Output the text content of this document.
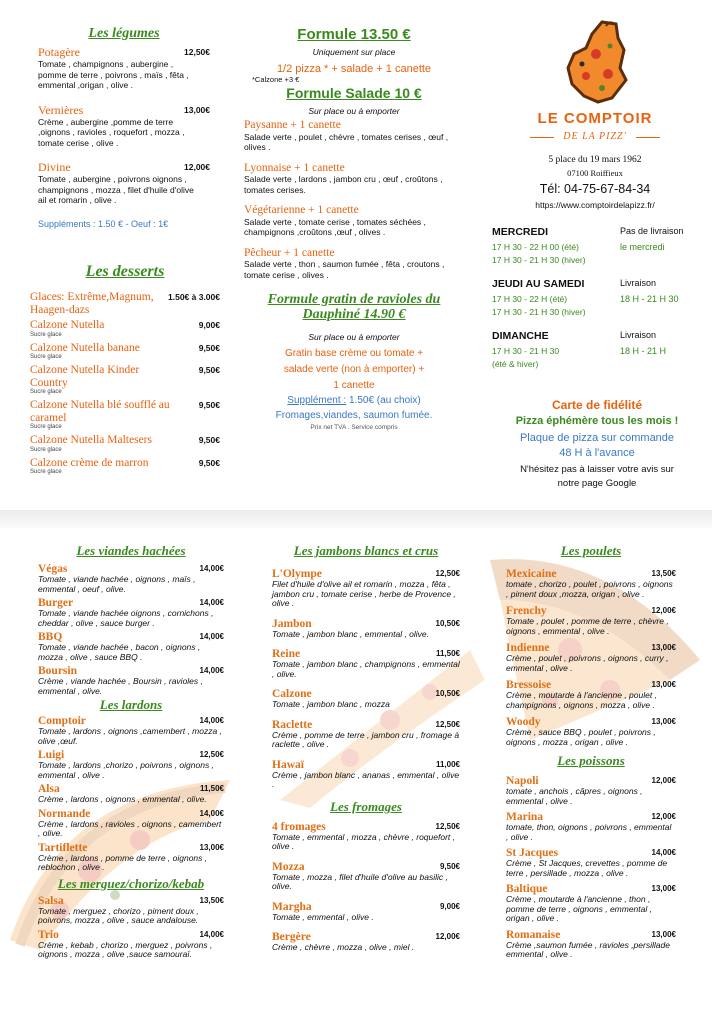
Les légumes
Potagère	12,50€
Tomate , champignons , aubergine , pomme de terre , poivrons , maïs , fêta , emmental ,origan , olive .
Vernières	13,00€
Crème , aubergine ,pomme de terre ,oignons , ravioles , roquefort , mozza , tomate cerise , olive .
Divine	12,00€
Tomate , aubergine , poivrons oignons , champignons , mozza , filet d'huile d'olive ail et romarin , olive .
Suppléments : 1.50 € - Oeuf : 1€
Les desserts
Glaces: Extrême,Magnum, Haagen-dazs
1.50€ à 3.00€
Calzone Nutella	9,00€
Sucre glace
Calzone Nutella banane	9,50€
Sucre glace
Calzone Nutella Kinder Country
9,50€
Sucre glace
Calzone Nutella blé soufflé au caramel
9,50€
Sucre glace
Calzone Nutella Maltesers	9,50€
Sucre glace
Calzone crème de marron	9,50€
Sucre glace
Formule 13.50 €
Uniquement sur place
1/2 pizza * + salade + 1 canette
*Calzone +3 €
Formule Salade 10 €
Sur place ou à emporter
Paysanne + 1 canette
Salade verte , poulet , chèvre , tomates cerises , œuf , olives .
Lyonnaise + 1 canette
Salade verte , lardons , jambon cru , œuf , croûtons , tomates cerises.
Végétarienne + 1 canette
Salade verte , tomate cerise , tomates séchées , champignons ,croûtons ,œuf , olives .
Pêcheur + 1 canette
Salade verte , thon , saumon fumée , fêta , croutons , tomate cerise , olives .
Formule gratin de ravioles du Dauphiné 14.90 €
Sur place ou à emporter
Gratin base crème ou tomate +
salade verte (non à emporter) +
1 canette
Supplément : 1.50€ (au choix)
Fromages,viandes, saumon fumée.
Prix net TVA . Service compris
LE COMPTOIR
DE LA PIZZ'
5 place du 19 mars 1962
07100 Roiffieux
Tél: 04-75-67-84-34
https://www.comptoirdelapizz.fr/
MERCREDI
17 H 30 - 22 H 00 (été)
17 H 30 - 21 H 30 (hiver)
Pas de livraison
le mercredi
JEUDI AU SAMEDI
17 H 30 - 22 H (été)
17 H 30 - 21 H 30 (hiver)
Livraison
18 H - 21 H 30
DIMANCHE
17 H 30 - 21 H 30
(été & hiver)
Livraison
18 H - 21 H
Carte de fidélité
Pizza éphémère tous les mois !
Plaque de pizza sur commande
48 H à l'avance
N'hésitez pas à laisser votre avis sur
notre page Google
Les viandes hachées
Végas	14,00€
Tomate , viande hachée , oignons , maïs , emmental , oeuf , olive.
Burger	14,00€
Tomate , viande hachée oignons , cornichons , cheddar , olive , sauce burger .
BBQ	14,00€
Tomate , viande hachée , bacon , oignons , mozza , olive , sauce BBQ .
Boursin	14,00€
Crème , viande hachée , Boursin , ravioles , emmental , olive.
Les lardons
Comptoir	14,00€
Tomate , lardons , oignons ,camembert , mozza , olive ,œuf.
Luigi	12,50€
Tomate , lardons ,chorizo , poivrons , oignons , emmental , olive .
Alsa	11,50€
Crème , lardons , oignons , emmental , olive.
Normande	14,00€
Crème , lardons , ravioles , oignons , camembert , olive.
Tartiflette	13,00€
Crème , lardons , pomme de terre , oignons , reblochon , olive .
Les merguez/chorizo/kebab
Salsa	13,50€
Tomate , merguez , chorizo , piment doux , poivrons, mozza , olive , sauce andalouse.
Trio	14,00€
Crème , kebab , chorizo , merguez , poivrons , oignons , mozza , olive ,sauce samouraï.
Les jambons blancs et crus
L'Olympe	12,50€
Filet d'huile d'olive ail et romarin , mozza , fêta , jambon cru , tomate cerise , herbe de Provence , olive .
Jambon	10,50€
Tomate , jambon blanc , emmental , olive.
Reine	11,50€
Tomate , jambon blanc , champignons , emmental , olive.
Calzone	10,50€
Tomate , jambon blanc , mozza
Raclette	12,50€
Crème , pomme de terre , jambon cru , fromage à raclette , olive .
Hawaï	11,00€
Crème , jambon blanc , ananas , emmental , olive .
Les fromages
4 fromages	12,50€
Tomate , emmental , mozza , chèvre , roquefort , olive .
Mozza	9,50€
Tomate , mozza , filet d'huile d'olive au basilic , olive.
Margha	9,00€
Tomate , emmental , olive .
Bergère	12,00€
Crème , chèvre , mozza , olive , miel .
Les poulets
Mexicaine	13,50€
tomate , chorizo , poulet , poivrons , oignons , piment doux ,mozza, origan , olive .
Frenchy	12,00€
Tomate , poulet , pomme de terre , chèvre , oignons , emmental , olive .
Indienne	13,00€
Crème , poulet , poivrons , oignons , curry , emmental , olive .
Bressoise	13,00€
Crème , moutarde à l'ancienne , poulet , champignons , oignons , mozza , olive .
Woody	13,00€
Crème , sauce BBQ , poulet , poivrons , oignons , mozza , origan , olive .
Les poissons
Napoli	12,00€
tomate , anchois , câpres , oignons , emmental , olive .
Marina	12,00€
tomate, thon, oignons , poivrons , emmental , olive .
St Jacques	14,00€
Crème , St Jacques, crevettes , pomme de terre , persillade , mozza , olive .
Baltique	13,00€
Crème , moutarde à l'ancienne , thon , pomme de terre , oignons , emmental , origan , olive .
Romanaise	13,00€
Crème ,saumon fumée , ravioles ,persillade emmental , olive .
